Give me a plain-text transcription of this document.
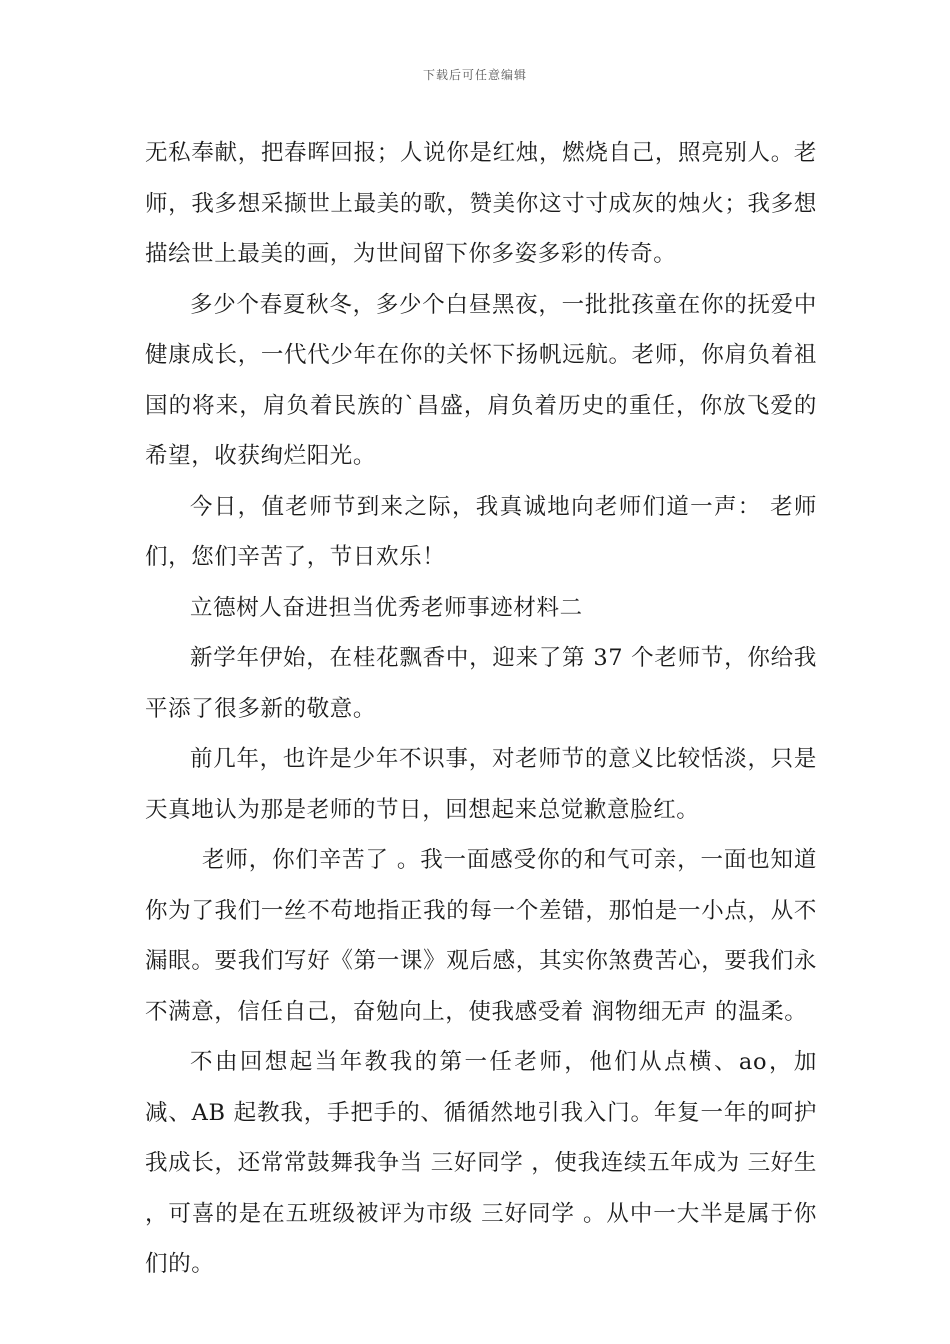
下载后可任意编辑

无私奉献，把春晖回报；人说你是红烛，燃烧自己，照亮别人。老师，我多想采撷世上最美的歌，赞美你这寸寸成灰的烛火；我多想描绘世上最美的画，为世间留下你多姿多彩的传奇。

多少个春夏秋冬，多少个白昼黑夜，一批批孩童在你的抚爱中健康成长，一代代少年在你的关怀下扬帆远航。老师，你肩负着祖国的将来，肩负着民族的`昌盛，肩负着历史的重任，你放飞爱的希望，收获绚烂阳光。

今日，值老师节到来之际，我真诚地向老师们道一声： 老师们，您们辛苦了，节日欢乐！

立德树人奋进担当优秀老师事迹材料二

新学年伊始，在桂花飘香中，迎来了第 37 个老师节，你给我平添了很多新的敬意。

前几年，也许是少年不识事，对老师节的意义比较恬淡，只是天真地认为那是老师的节日，回想起来总觉歉意脸红。

老师，你们辛苦了 。我一面感受你的和气可亲，一面也知道你为了我们一丝不苟地指正我的每一个差错，那怕是一小点，从不漏眼。要我们写好《第一课》观后感，其实你煞费苦心，要我们永不满意，信任自己，奋勉向上，使我感受着 润物细无声 的温柔。

不由回想起当年教我的第一任老师，他们从点横、ao，加减、AB 起教我，手把手的、循循然地引我入门。年复一年的呵护我成长，还常常鼓舞我争当 三好同学 ，使我连续五年成为 三好生 ，可喜的是在五班级被评为市级 三好同学 。从中一大半是属于你们的。
